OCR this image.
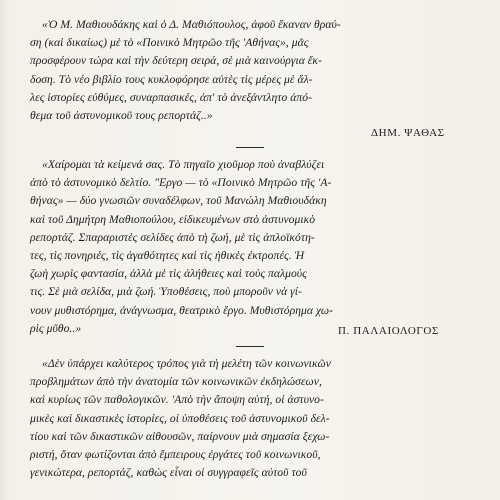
«Ὁ Μ. Μαθιουδάκης καὶ ὁ Δ. Μαθιόπουλος, ἀφοῦ ἔκαναν θραύ-
ση (καὶ δικαίως) μὲ τὸ «Ποινικὸ Μητρῶο τῆς 'Αθήνας», μᾶς
προσφέρουν τώρα καὶ τὴν δεύτερη σειρά, σὲ μιὰ καινούργια ἔκ-
δοση. Τὸ νέο βιβλίο τους κυκλοφόρησε αὐτὲς τὶς μέρες μὲ ἄλ-
λες ἱστορίες εὐθύμες, συναρπασικές, ἀπ' τὸ ἀνεξάντλητο ἀπό-
θεμα τοῦ ἀστυνομικοῦ τους ρεπορτάζ..»
ΔΗΜ. ΨΑΘΑΣ
«Χαίρομαι τὰ κείμενά σας. Τὸ πηγαῖο χιοῦμορ ποὺ ἀναβλύζει
ἀπὸ τὸ ἀστυνομικὸ δελτίο. "Εργο — τὸ «Ποινικὸ Μητρῶο τῆς 'Α-
θήνας» — δύο γνωσιῶν συναδέλφων, τοῦ Μανώλη Μαθιουδάκη
καὶ τοῦ Δημήτρη Μαθιοπούλου, εἰδικευμένων στὸ ἀστυνομικὸ
ρεπορτάζ. Σπαραριστὲς σελίδες ἀπὸ τὴ ζωή, μὲ τὶς ἀπλοϊκότη-
τες, τὶς πονηριές, τὶς ἀγαθότητες καὶ τὶς ἠθικὲς ἐκτροπές. Ἡ
ζωὴ χωρὶς φαντασία, ἀλλὰ μὲ τὶς ἀλήθειες καὶ τοὺς παλμούς
τις. Σὲ μιὰ σελίδα, μιὰ ζωή. Ὑποθέσεις, ποὺ μποροῦν νὰ γί-
νουν μυθιστόρημα, ἀνάγνωσμα, θεατρικὸ ἔργο. Μυθιστόρημα χω-
ρὶς μῦθο..»	Π. ΠΑΛΑΙΟΛΟΓΟΣ
«Δὲν ὑπάρχει καλύτερος τρόπος γιὰ τὴ μελέτη τῶν κοινωνικῶν
προβλημάτων ἀπὸ τὴν ἀνατομία τῶν κοινωνικῶν ἐκδηλώσεων,
καὶ κυρίως τῶν παθολογικῶν. 'Απὸ τὴν ἄποψη αὐτή, οἱ ἀστυνο-
μικὲς καὶ δικαστικὲς ἱστορίες, οἱ ὑποθέσεις τοῦ ἀστυνομικοῦ δελ-
τίου καὶ τῶν δικαστικῶν αἰθουσῶν, παίρνουν μιὰ σημασία ξεχω-
ριστή, ὅταν φωτίζονται ἀπὸ ἔμπειρους ἐργάτες τοῦ κοινωνικοῦ,
γενικώτερα, ρεπορτάζ, καθὼς εἶναι οἱ συγγραφεῖς αὐτοῦ τοῦ
